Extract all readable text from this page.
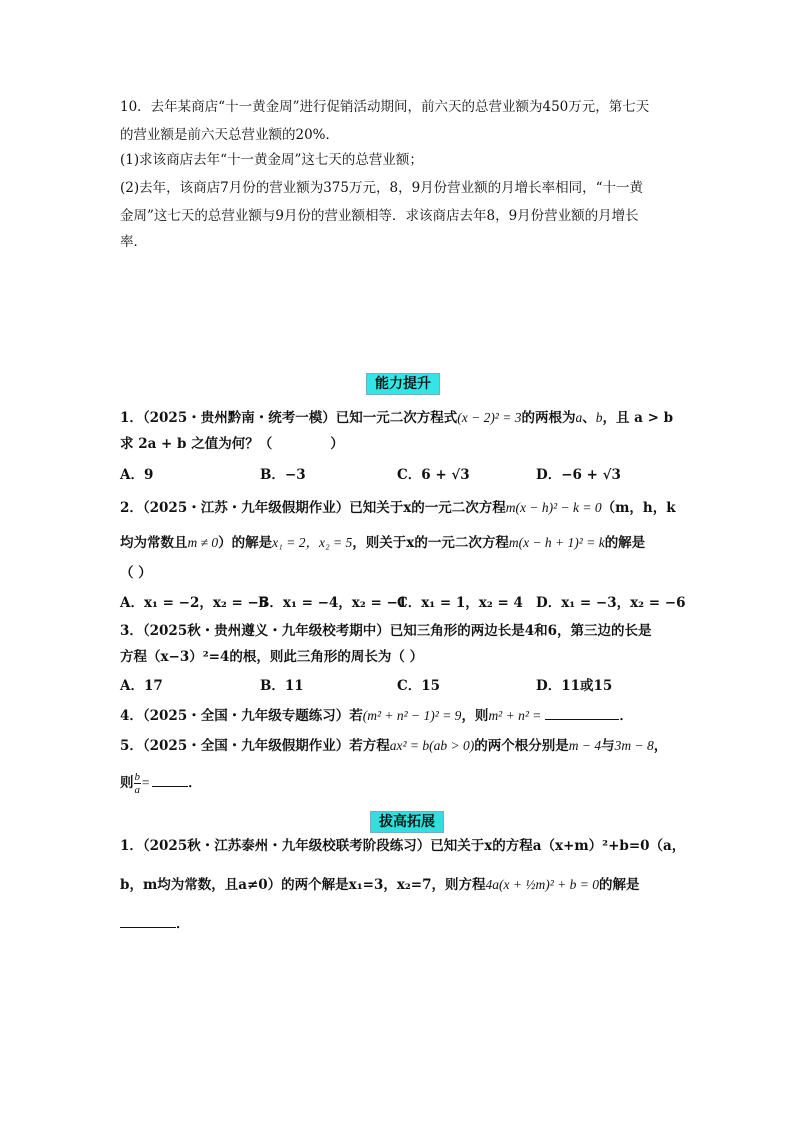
10．去年某商店“十一黄金周”进行促销活动期间，前六天的总营业额为450万元，第七天
的营业额是前六天总营业额的20%．
(1)求该商店去年“十一黄金周”这七天的总营业额；
(2)去年，该商店7月份的营业额为375万元，8，9月份营业额的月增长率相同，“十一黄
金周”这七天的总营业额与9月份的营业额相等．求该商店去年8，9月份营业额的月增长
率．
能力提升
1．（2025・贵州黔南・统考一模）已知一元二次方程式(x − 2)² = 3的两根为a、b，且 a > b
求 2a + b 之值为何？（	）
A．9	B．−3	C．6 + √3	D．−6 + √3
2．（2025・江苏・九年级假期作业）已知关于x的一元二次方程m(x − h)² − k = 0（m，h，k
均为常数且m ≠ 0）的解是x₁ = 2，x₂ = 5，则关于x的一元二次方程m(x − h + 1)² = k的解是
（ ）
A．x₁ = −2，x₂ = −5
B．x₁ = −4，x₂ = −1
C．x₁ = 1，x₂ = 4 D．x₁ = −3，x₂ = −6
3．（2025秋・贵州遵义・九年级校考期中）已知三角形的两边长是4和6，第三边的长是
方程（x−3）²=4的根，则此三角形的周长为（ ）
A．17	B．11	C．15	D．11或15
4．（2025・全国・九年级专题练习）若(m² + n² − 1)² = 9，则m² + n² =	．
5．（2025・全国・九年级假期作业）若方程ax² = b(ab > 0)的两个根分别是m − 4与3m − 8，
则 $\frac{b}{a}$ =	．
拔高拓展
1．（2025秋・江苏泰州・九年级校联考阶段练习）已知关于x的方程a（x+m）²+b=0（a，
b，m均为常数，且a≠0）的两个解是x₁=3，x₂=7，则方程4a(x + ½m)² + b = 0的解是
．
